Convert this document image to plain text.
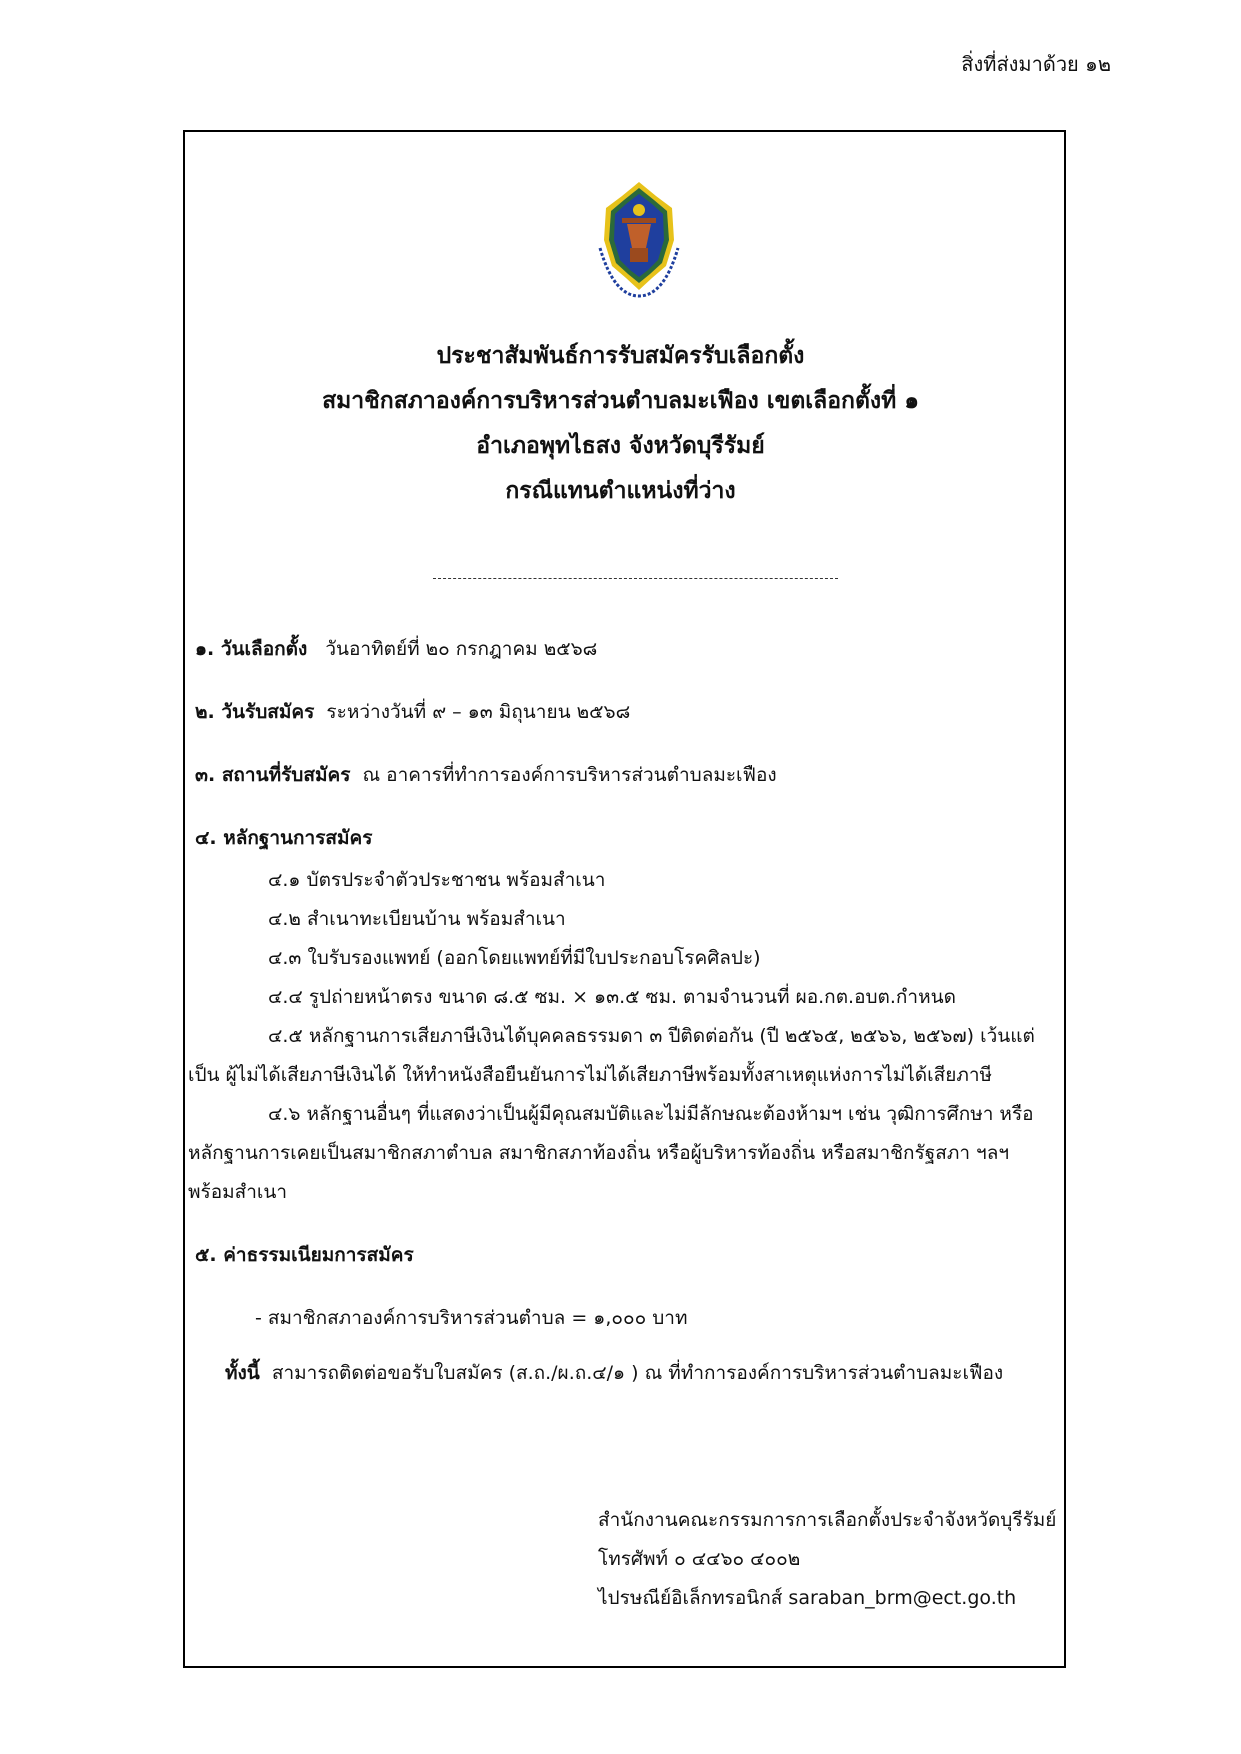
สิ่งที่ส่งมาด้วย ๑๒
ประชาสัมพันธ์การรับสมัครรับเลือกตั้ง
สมาชิกสภาองค์การบริหารส่วนตำบลมะเฟือง เขตเลือกตั้งที่ ๑
อำเภอพุทไธสง จังหวัดบุรีรัมย์
กรณีแทนตำแหน่งที่ว่าง
๑. วันเลือกตั้ง วันอาทิตย์ที่ ๒๐ กรกฎาคม ๒๕๖๘
๒. วันรับสมัคร ระหว่างวันที่ ๙ – ๑๓ มิถุนายน ๒๕๖๘
๓. สถานที่รับสมัคร ณ อาคารที่ทำการองค์การบริหารส่วนตำบลมะเฟือง
๔. หลักฐานการสมัคร
๔.๑ บัตรประจำตัวประชาชน พร้อมสำเนา
๔.๒ สำเนาทะเบียนบ้าน พร้อมสำเนา
๔.๓ ใบรับรองแพทย์ (ออกโดยแพทย์ที่มีใบประกอบโรคศิลปะ)
๔.๔ รูปถ่ายหน้าตรง ขนาด ๘.๕ ซม. × ๑๓.๕ ซม. ตามจำนวนที่ ผอ.กต.อบต.กำหนด
๔.๕ หลักฐานการเสียภาษีเงินได้บุคคลธรรมดา ๓ ปีติดต่อกัน (ปี ๒๕๖๕, ๒๕๖๖, ๒๕๖๗) เว้นแต่
เป็น ผู้ไม่ได้เสียภาษีเงินได้ ให้ทำหนังสือยืนยันการไม่ได้เสียภาษีพร้อมทั้งสาเหตุแห่งการไม่ได้เสียภาษี
๔.๖ หลักฐานอื่นๆ ที่แสดงว่าเป็นผู้มีคุณสมบัติและไม่มีลักษณะต้องห้ามฯ เช่น วุฒิการศึกษา หรือ
หลักฐานการเคยเป็นสมาชิกสภาตำบล สมาชิกสภาท้องถิ่น หรือผู้บริหารท้องถิ่น หรือสมาชิกรัฐสภา ฯลฯ
พร้อมสำเนา
๕. ค่าธรรมเนียมการสมัคร
- สมาชิกสภาองค์การบริหารส่วนตำบล = ๑,๐๐๐ บาท
ทั้งนี้ สามารถติดต่อขอรับใบสมัคร (ส.ถ./ผ.ถ.๔/๑ ) ณ ที่ทำการองค์การบริหารส่วนตำบลมะเฟือง
สำนักงานคณะกรรมการการเลือกตั้งประจำจังหวัดบุรีรัมย์
โทรศัพท์ ๐ ๔๔๖๐ ๔๐๐๒
ไปรษณีย์อิเล็กทรอนิกส์ saraban_brm@ect.go.th
